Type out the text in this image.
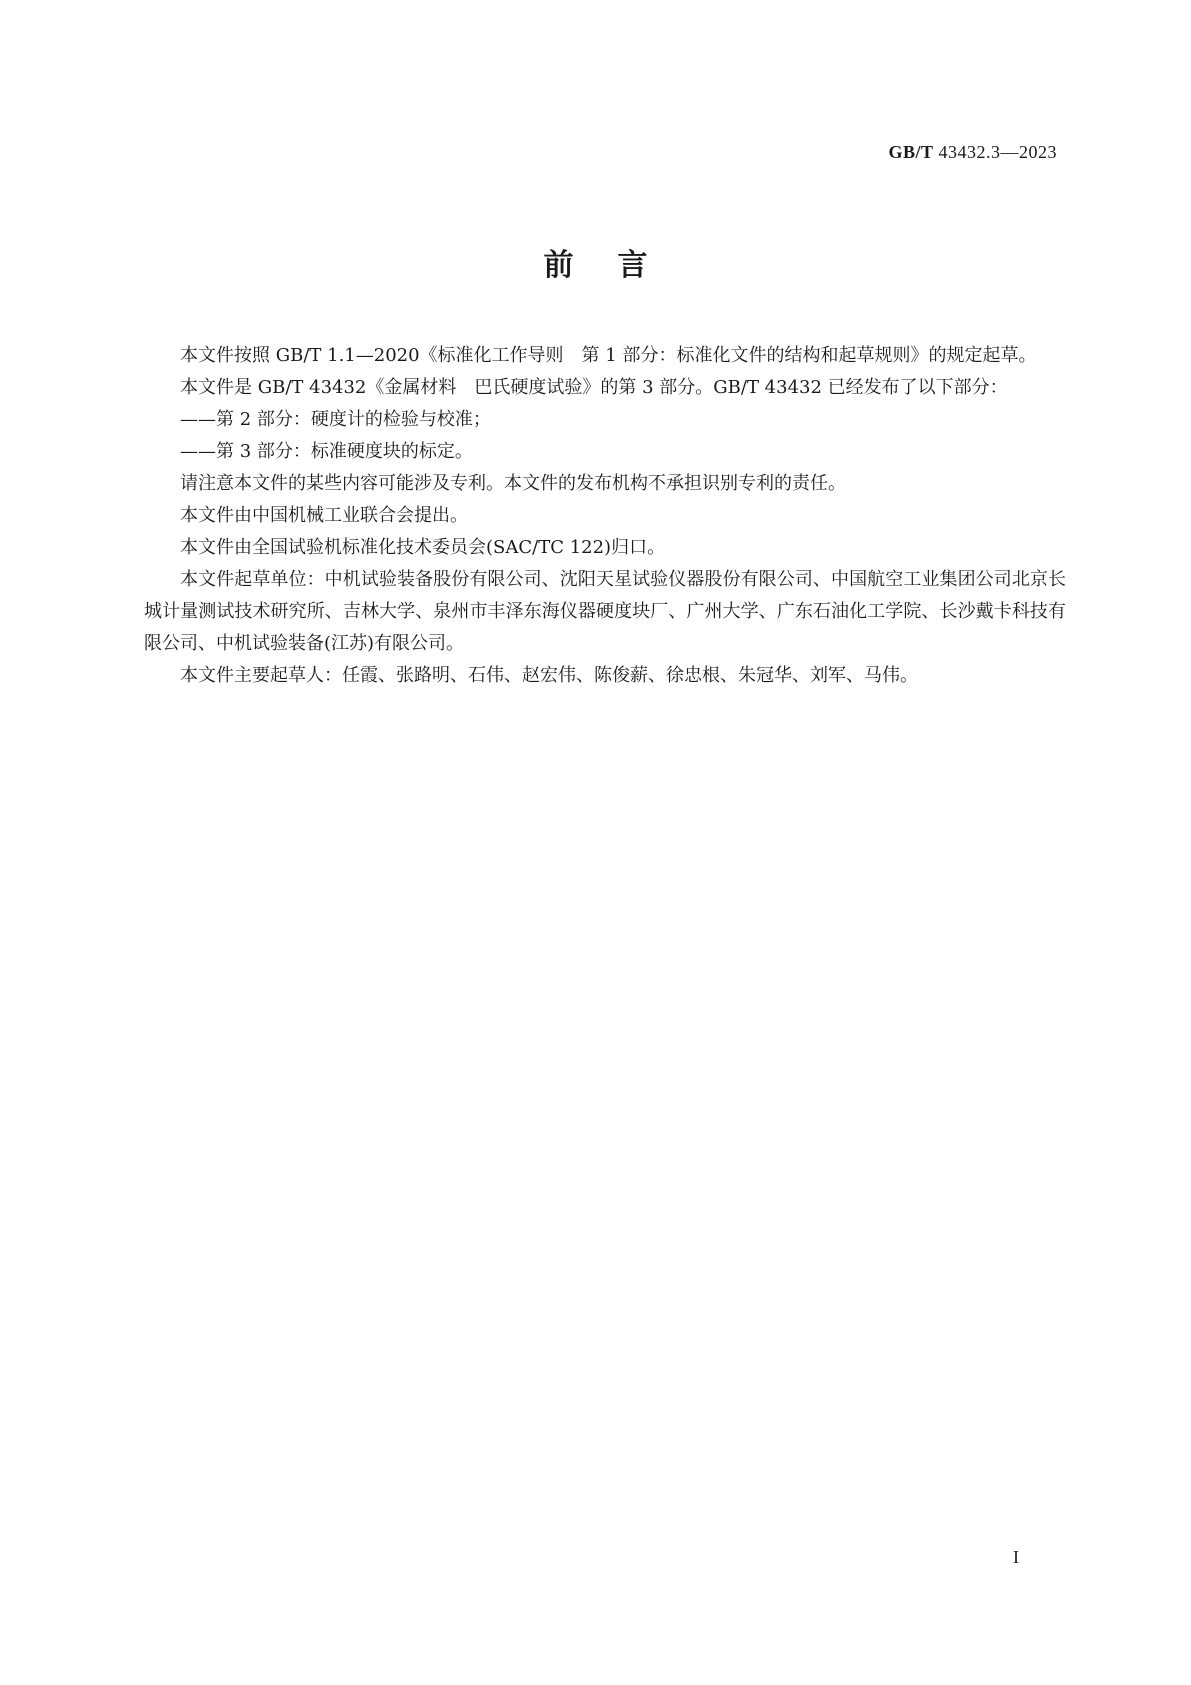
GB/T 43432.3—2023
前言

本文件按照 GB/T 1.1—2020《标准化工作导则　第 1 部分：标准化文件的结构和起草规则》的规定起草。

本文件是 GB/T 43432《金属材料　巴氏硬度试验》的第 3 部分。GB/T 43432 已经发布了以下部分：

——第 2 部分：硬度计的检验与校准；

——第 3 部分：标准硬度块的标定。

请注意本文件的某些内容可能涉及专利。本文件的发布机构不承担识别专利的责任。

本文件由中国机械工业联合会提出。

本文件由全国试验机标准化技术委员会(SAC/TC 122)归口。

本文件起草单位：中机试验装备股份有限公司、沈阳天星试验仪器股份有限公司、中国航空工业集团公司北京长城计量测试技术研究所、吉林大学、泉州市丰泽东海仪器硬度块厂、广州大学、广东石油化工学院、长沙戴卡科技有限公司、中机试验装备(江苏)有限公司。

本文件主要起草人：任霞、张路明、石伟、赵宏伟、陈俊薪、徐忠根、朱冠华、刘军、马伟。

I
